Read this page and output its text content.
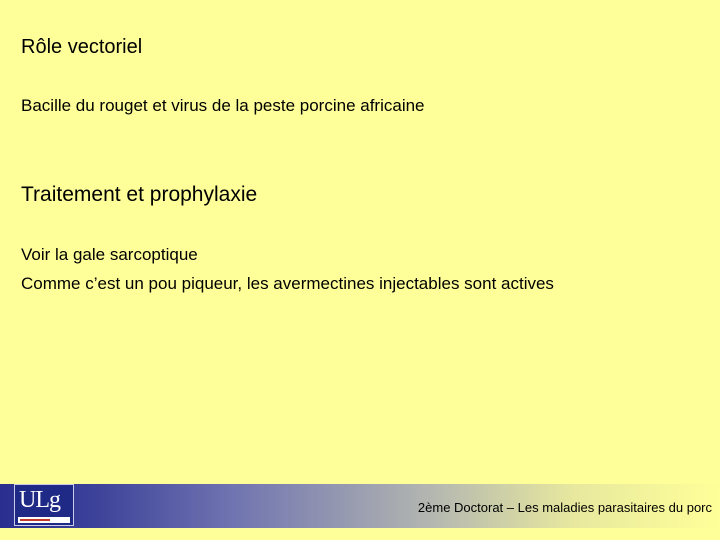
Rôle vectoriel
Bacille du rouget et virus de la peste porcine africaine
Traitement et prophylaxie
Voir la gale sarcoptique
Comme c’est un pou piqueur, les avermectines injectables sont actives
ULg	2ème Doctorat – Les maladies parasitaires du porc
